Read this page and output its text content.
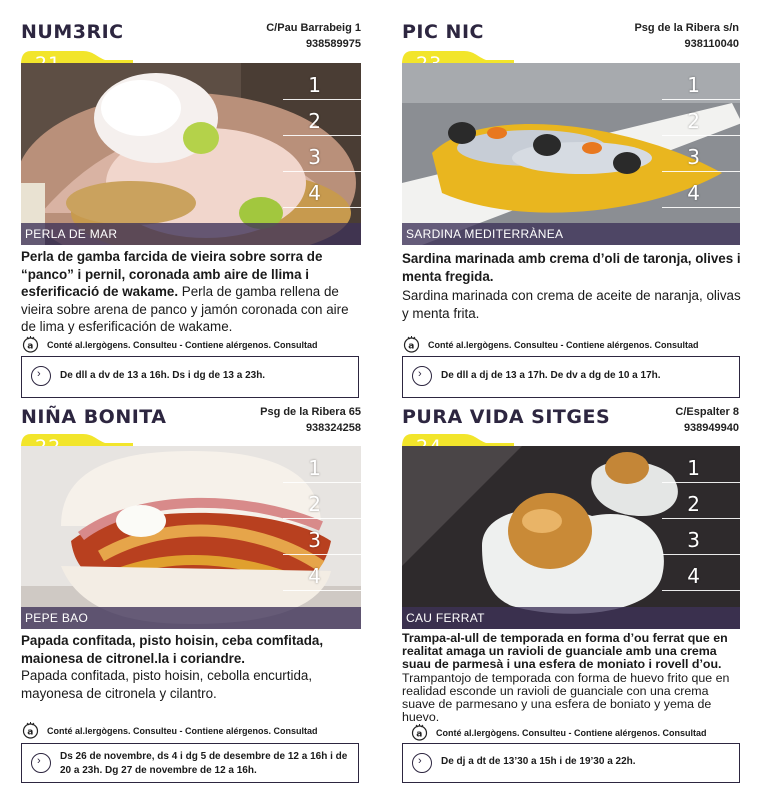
NUM3RIC	C/Pau Barrabeig 1
938589975
1
2
3
4
PERLA DE MAR
Perla de gamba farcida de vieira sobre sorra de “panco” i pernil, coronada amb aire de llima i esferificació de wakame. Perla de gamba rellena de vieira sobre arena de panco y jamón coronada con aire de lima y esferificación de wakame.
a Conté al.lergògens. Consulteu - Contiene alérgenos. Consultad
› De dll a dv de 13 a 16h. Ds i dg de 13 a 23h.
PIC NIC	Psg de la Ribera s/n
938110040
1
2
3
4
SARDINA MEDITERRÀNEA
Sardina marinada amb crema d’oli de taronja, olives i menta fregida.
Sardina marinada con crema de aceite de naranja, olivas y menta frita.
a Conté al.lergògens. Consulteu - Contiene alérgenos. Consultad
› De dll a dj de 13 a 17h. De dv a dg de 10 a 17h.
NIÑA BONITA	Psg de la Ribera 65
938324258
1
2
3
4
PEPE BAO
Papada confitada, pisto hoisin, ceba comfitada, maionesa de citronel.la i coriandre.
Papada confitada, pisto hoisin, cebolla encurtida, mayonesa de citronela y cilantro.
a Conté al.lergògens. Consulteu - Contiene alérgenos. Consultad
› Ds 26 de novembre, ds 4 i dg 5 de desembre de 12 a 16h i de 20 a 23h. Dg 27 de novembre de 12 a 16h.
PURA VIDA SITGES	C/Espalter 8
938949940
1
2
3
4
CAU FERRAT
Trampa-al-ull de temporada en forma d’ou ferrat que en realitat amaga un ravioli de guanciale amb una crema suau de parmesà i una esfera de moniato i rovell d’ou.
Trampantojo de temporada con forma de huevo frito que en realidad esconde un ravioli de guanciale con una crema suave de parmesano y una esfera de boniato y yema de huevo.
a Conté al.lergògens. Consulteu - Contiene alérgenos. Consultad
› De dj a dt de 13’30 a 15h i de 19’30 a 22h.
